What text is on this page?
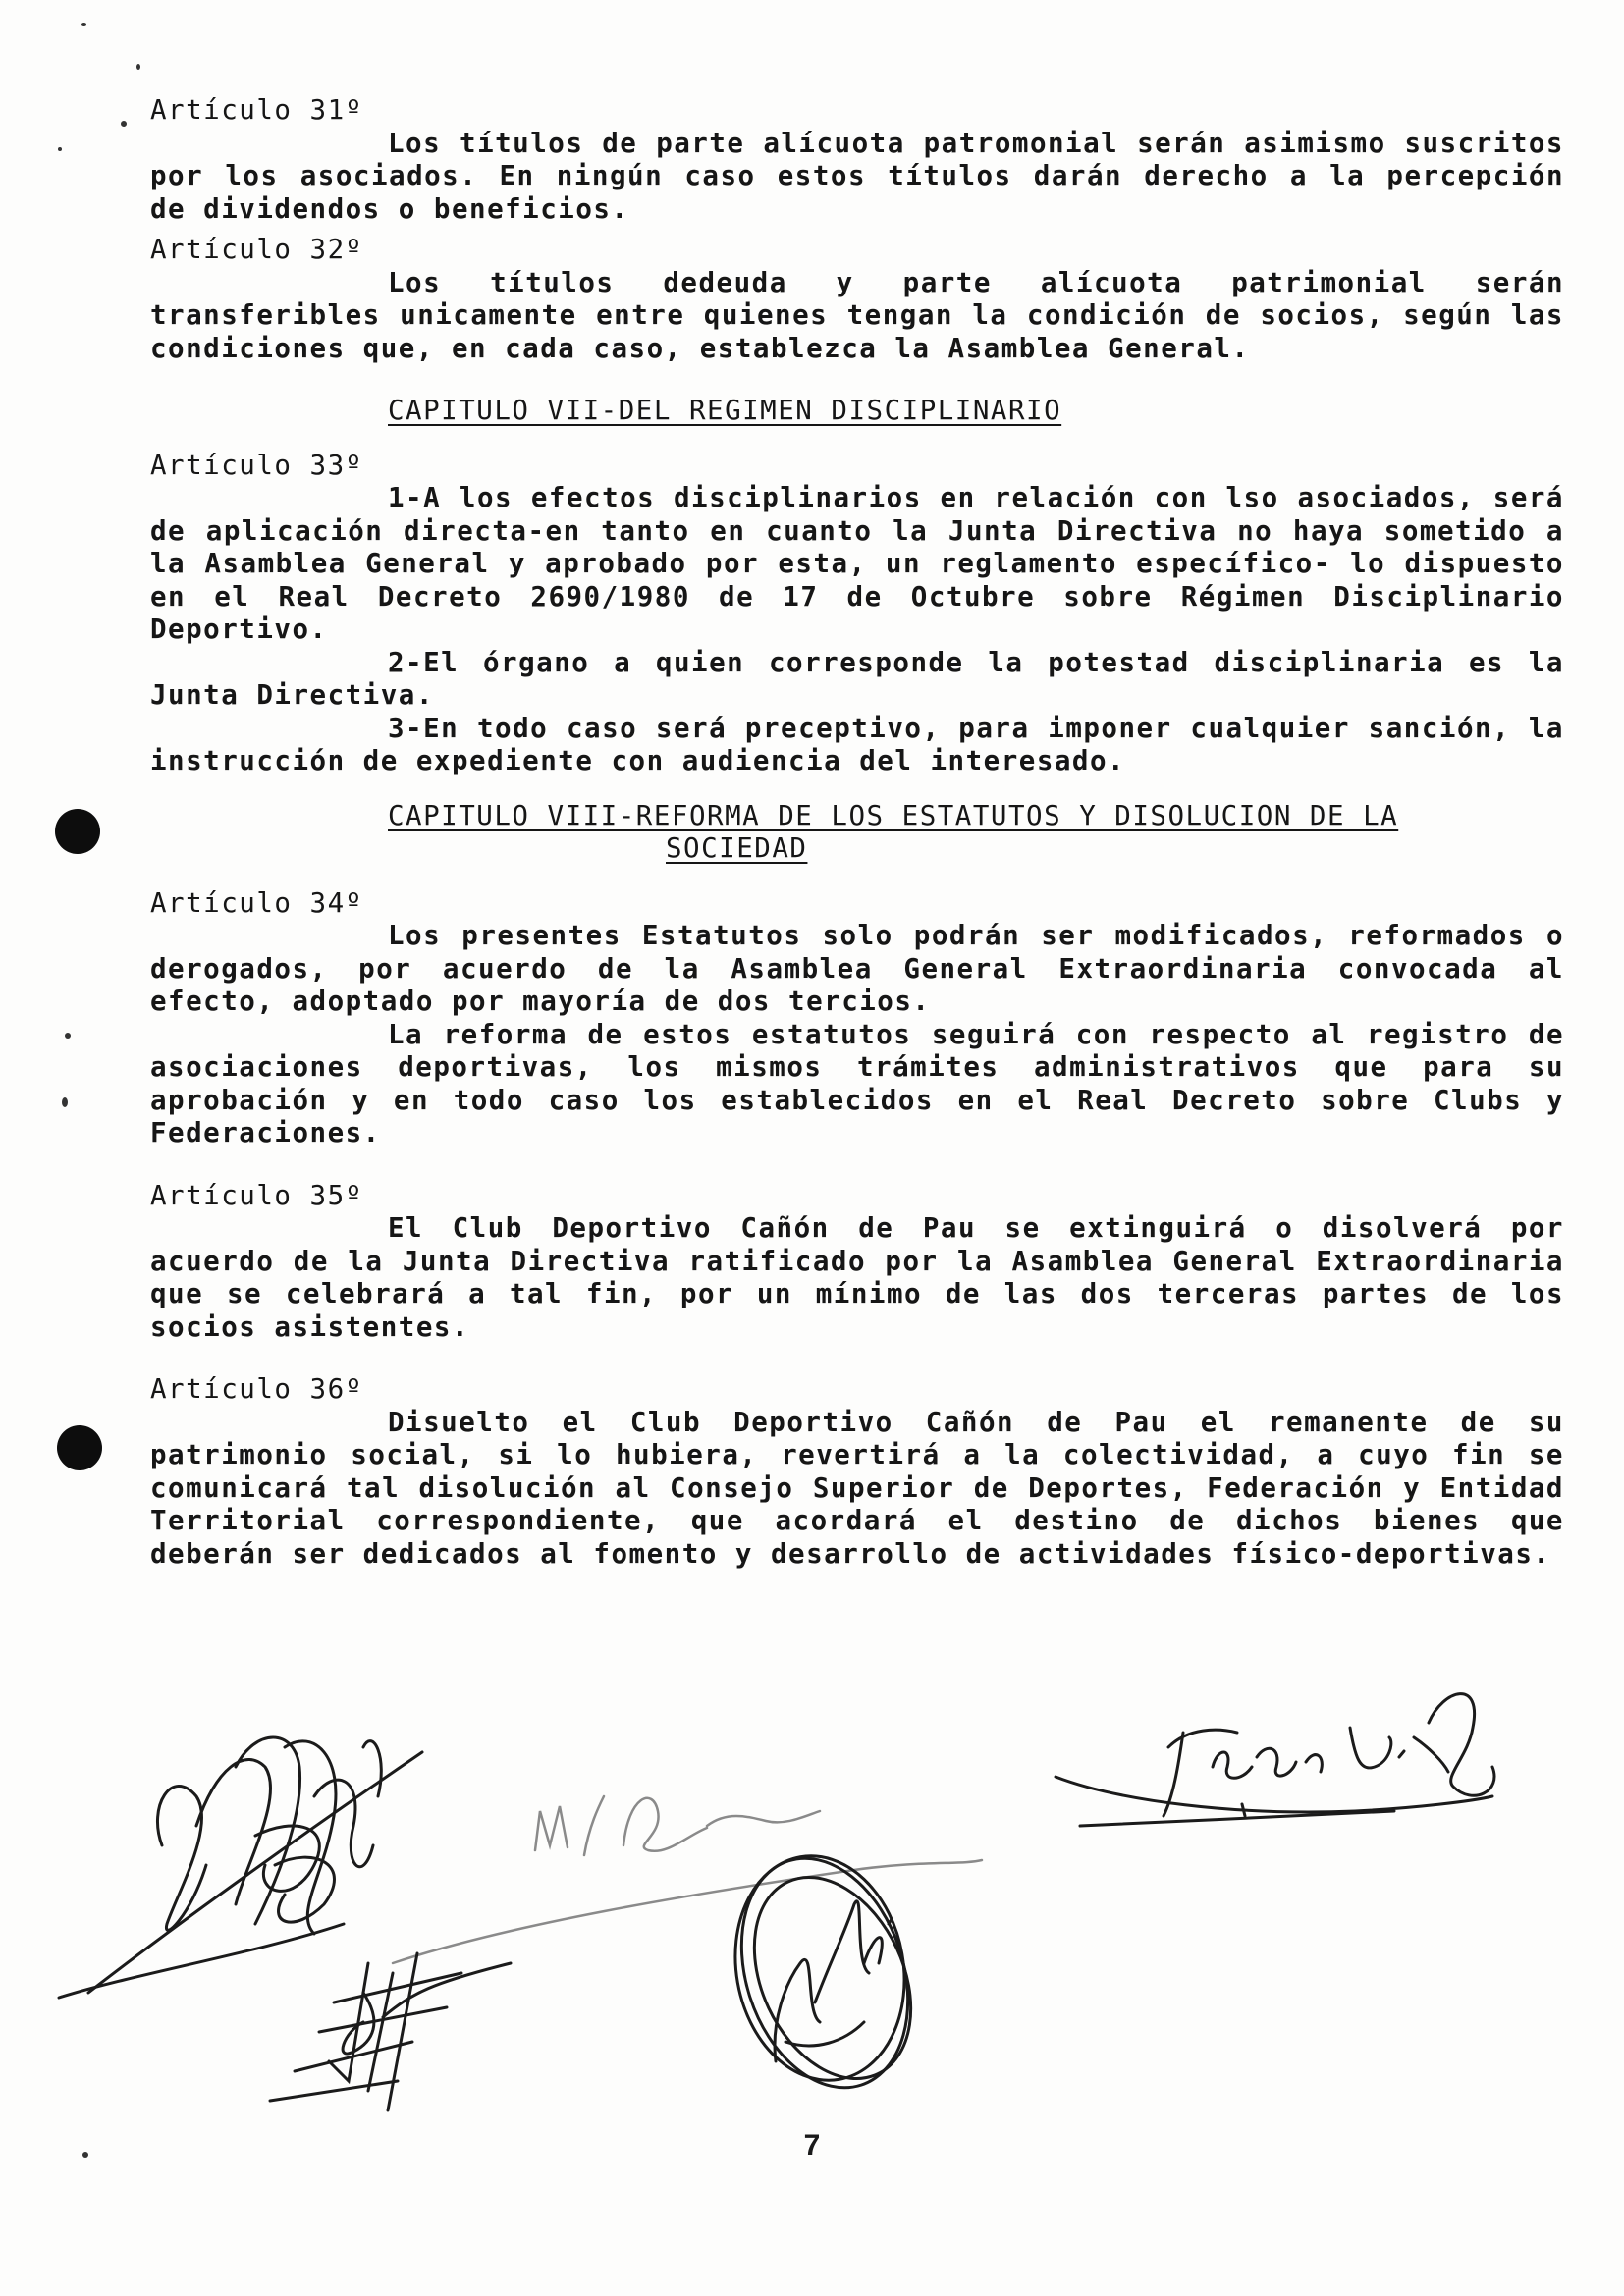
Artículo 31º

Los títulos de parte alícuota patromonial serán asimismo suscritos por los asociados. En ningún caso estos títulos darán derecho a la percepción de dividendos o beneficios.

Artículo 32º

Los títulos dedeuda y parte alícuota patrimonial serán transferibles unicamente entre quienes tengan la condición de socios, según las condiciones que, en cada caso, establezca la Asamblea General.

CAPITULO VII-DEL REGIMEN DISCIPLINARIO

Artículo 33º

1-A los efectos disciplinarios en relación con lso asociados, será de aplicación directa-en tanto en cuanto la Junta Directiva no haya sometido a la Asamblea General y aprobado por esta, un reglamento específico- lo dispuesto en el Real Decreto 2690/1980 de 17 de Octubre sobre Régimen Disciplinario Deportivo.

2-El órgano a quien corresponde la potestad disciplinaria es la Junta Directiva.

3-En todo caso será preceptivo, para imponer cualquier sanción, la instrucción de expediente con audiencia del interesado.

CAPITULO VIII-REFORMA DE LOS ESTATUTOS Y DISOLUCION DE LA

SOCIEDAD

Artículo 34º

Los presentes Estatutos solo podrán ser modificados, reformados o derogados, por acuerdo de la Asamblea General Extraordinaria convocada al efecto, adoptado por mayoría de dos tercios.

La reforma de estos estatutos seguirá con respecto al registro de asociaciones deportivas, los mismos trámites administrativos que para su aprobación y en todo caso los establecidos en el Real Decreto sobre Clubs y Federaciones.

Artículo 35º

El Club Deportivo Cañón de Pau se extinguirá o disolverá por acuerdo de la Junta Directiva ratificado por la Asamblea General Extraordinaria que se celebrará a tal fin, por un mínimo de las dos terceras partes de los socios asistentes.

Artículo 36º

Disuelto el Club Deportivo Cañón de Pau el remanente de su patrimonio social, si lo hubiera, revertirá a la colectividad, a cuyo fin se comunicará tal disolución al Consejo Superior de Deportes, Federación y Entidad Territorial correspondiente, que acordará el destino de dichos bienes que deberán ser dedicados al fomento y desarrollo de actividades físico-deportivas.

7
